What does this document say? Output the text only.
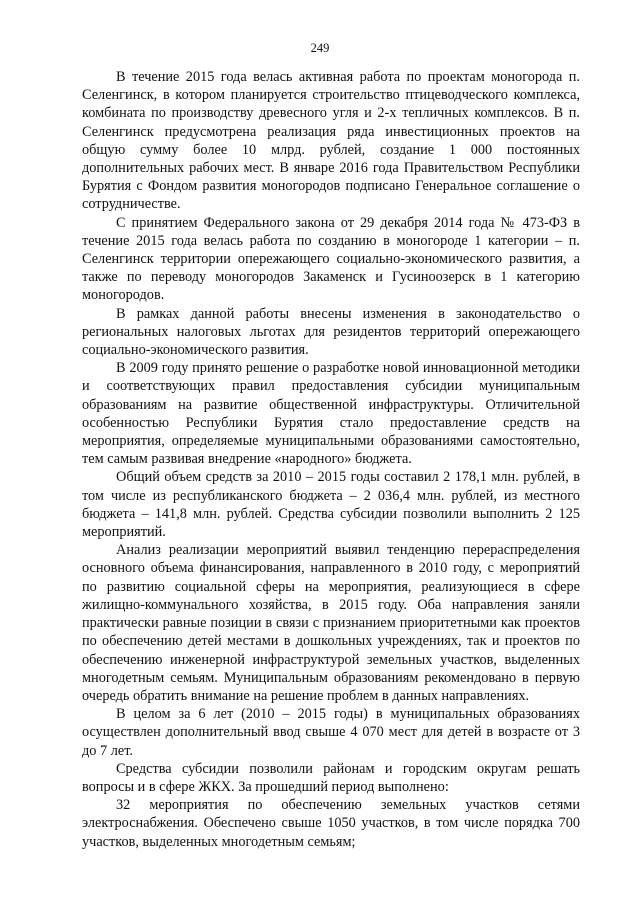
249

В течение 2015 года велась активная работа по проектам моногорода п. Селенгинск, в котором планируется строительство птицеводческого комплекса, комбината по производству древесного угля и 2-х тепличных комплексов. В п. Селенгинск предусмотрена реализация ряда инвестиционных проектов на общую сумму более 10 млрд. рублей, создание 1 000 постоянных дополнительных рабочих мест. В январе 2016 года Правительством Республики Бурятия с Фондом развития моногородов подписано Генеральное соглашение о сотрудничестве.

С принятием Федерального закона от 29 декабря 2014 года № 473-ФЗ в течение 2015 года велась работа по созданию в моногороде 1 категории – п. Селенгинск территории опережающего социально-экономического развития, а также по переводу моногородов Закаменск и Гусиноозерск в 1 категорию моногородов.

В рамках данной работы внесены изменения в законодательство о региональных налоговых льготах для резидентов территорий опережающего социально-экономического развития.

В 2009 году принято решение о разработке новой инновационной методики и соответствующих правил предоставления субсидии муниципальным образованиям на развитие общественной инфраструктуры. Отличительной особенностью Республики Бурятия стало предоставление средств на мероприятия, определяемые муниципальными образованиями самостоятельно, тем самым развивая внедрение «народного» бюджета.

Общий объем средств за 2010 – 2015 годы составил 2 178,1 млн. рублей, в том числе из республиканского бюджета – 2 036,4 млн. рублей, из местного бюджета – 141,8 млн. рублей. Средства субсидии позволили выполнить 2 125 мероприятий.

Анализ реализации мероприятий выявил тенденцию перераспределения основного объема финансирования, направленного в 2010 году, с мероприятий по развитию социальной сферы на мероприятия, реализующиеся в сфере жилищно-коммунального хозяйства, в 2015 году. Оба направления заняли практически равные позиции в связи с признанием приоритетными как проектов по обеспечению детей местами в дошкольных учреждениях, так и проектов по обеспечению инженерной инфраструктурой земельных участков, выделенных многодетным семьям. Муниципальным образованиям рекомендовано в первую очередь обратить внимание на решение проблем в данных направлениях.

В целом за 6 лет (2010 – 2015 годы) в муниципальных образованиях осуществлен дополнительный ввод свыше 4 070 мест для детей в возрасте от 3 до 7 лет.

Средства субсидии позволили районам и городским округам решать вопросы и в сфере ЖКХ. За прошедший период выполнено:

32 мероприятия по обеспечению земельных участков сетями электроснабжения. Обеспечено свыше 1050 участков, в том числе порядка 700 участков, выделенных многодетным семьям;
